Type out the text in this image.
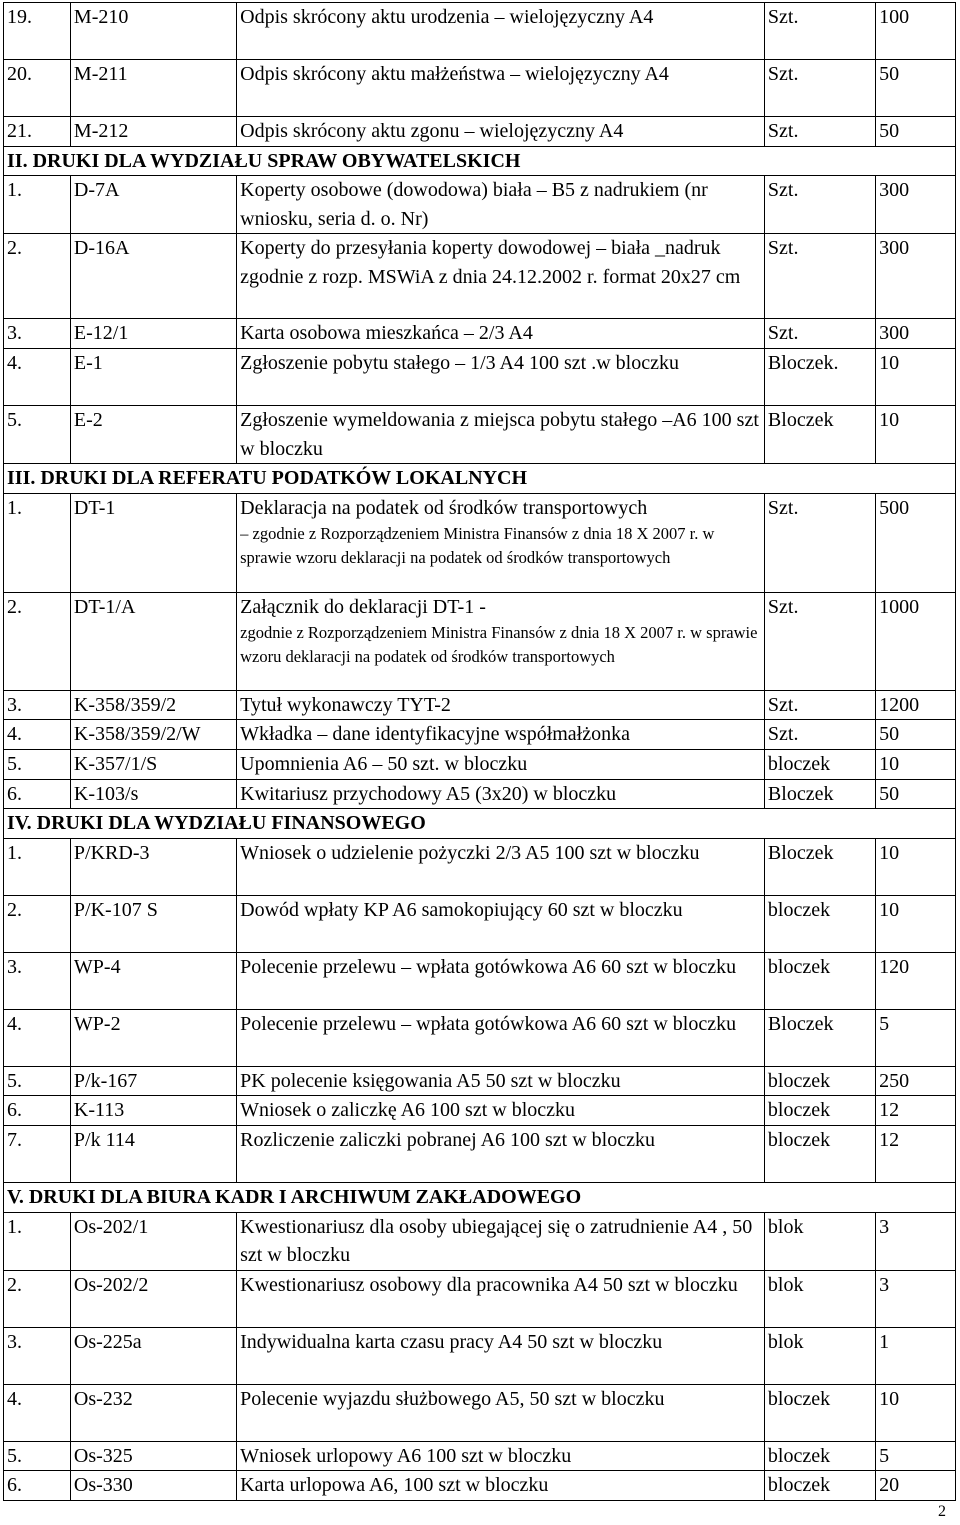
19.	M-210	Odpis skrócony aktu urodzenia – wielojęzyczny A4	Szt.	100
20.	M-211	Odpis skrócony aktu małżeństwa – wielojęzyczny A4	Szt.	50
21.	M-212	Odpis skrócony aktu zgonu – wielojęzyczny A4	Szt.	50
II. DRUKI DLA WYDZIAŁU SPRAW OBYWATELSKICH				
1.	D-7A	Koperty osobowe (dowodowa) biała – B5 z nadrukiem (nr wniosku, seria d. o. Nr)	Szt.	300
2.	D-16A	Koperty do przesyłania koperty dowodowej – biała _nadruk zgodnie z rozp. MSWiA z dnia 24.12.2002 r. format 20x27 cm	Szt.	300
3.	E-12/1	Karta osobowa mieszkańca – 2/3 A4	Szt.	300
4.	E-1	Zgłoszenie pobytu stałego – 1/3 A4 100 szt .w bloczku	Bloczek.	10
5.	E-2	Zgłoszenie wymeldowania z miejsca pobytu stałego –A6 100 szt w bloczku	Bloczek	10
III. DRUKI DLA REFERATU PODATKÓW LOKALNYCH				
1.	DT-1	Deklaracja na podatek od środków transportowych
– zgodnie z Rozporządzeniem Ministra Finansów z dnia 18 X 2007 r. w sprawie wzoru deklaracji na podatek od środków transportowych	Szt.	500
2.	DT-1/A	Załącznik do deklaracji DT-1 -
zgodnie z Rozporządzeniem Ministra Finansów z dnia 18 X 2007 r. w sprawie wzoru deklaracji na podatek od środków transportowych	Szt.	1000
3.	K-358/359/2	Tytuł wykonawczy TYT-2	Szt.	1200
4.	K-358/359/2/W	Wkładka – dane identyfikacyjne współmałżonka	Szt.	50
5.	K-357/1/S	Upomnienia A6 – 50 szt. w bloczku	bloczek	10
6.	K-103/s	Kwitariusz przychodowy A5 (3x20) w bloczku	Bloczek	50
IV. DRUKI DLA WYDZIAŁU FINANSOWEGO				
1.	P/KRD-3	Wniosek o udzielenie pożyczki 2/3 A5 100 szt w bloczku	Bloczek	10
2.	P/K-107 S	Dowód wpłaty KP A6 samokopiujący 60 szt w bloczku	bloczek	10
3.	WP-4	Polecenie przelewu – wpłata gotówkowa A6 60 szt w bloczku	bloczek	120
4.	WP-2	Polecenie przelewu – wpłata gotówkowa A6 60 szt w bloczku	Bloczek	5
5.	P/k-167	PK polecenie księgowania A5 50 szt w bloczku	bloczek	250
6.	K-113	Wniosek o zaliczkę A6 100 szt w bloczku	bloczek	12
7.	P/k 114	Rozliczenie zaliczki pobranej A6 100 szt w bloczku	bloczek	12
V. DRUKI DLA BIURA KADR I ARCHIWUM ZAKŁADOWEGO				
1.	Os-202/1	Kwestionariusz dla osoby ubiegającej się o zatrudnienie A4 , 50 szt w bloczku	blok	3
2.	Os-202/2	Kwestionariusz osobowy dla pracownika A4 50 szt w bloczku	blok	3
3.	Os-225a	Indywidualna karta czasu pracy A4 50 szt w bloczku	blok	1
4.	Os-232	Polecenie wyjazdu służbowego A5, 50 szt w bloczku	bloczek	10
5.	Os-325	Wniosek urlopowy A6 100 szt w bloczku	bloczek	5
6.	Os-330	Karta urlopowa A6, 100 szt w bloczku	bloczek	20
2
